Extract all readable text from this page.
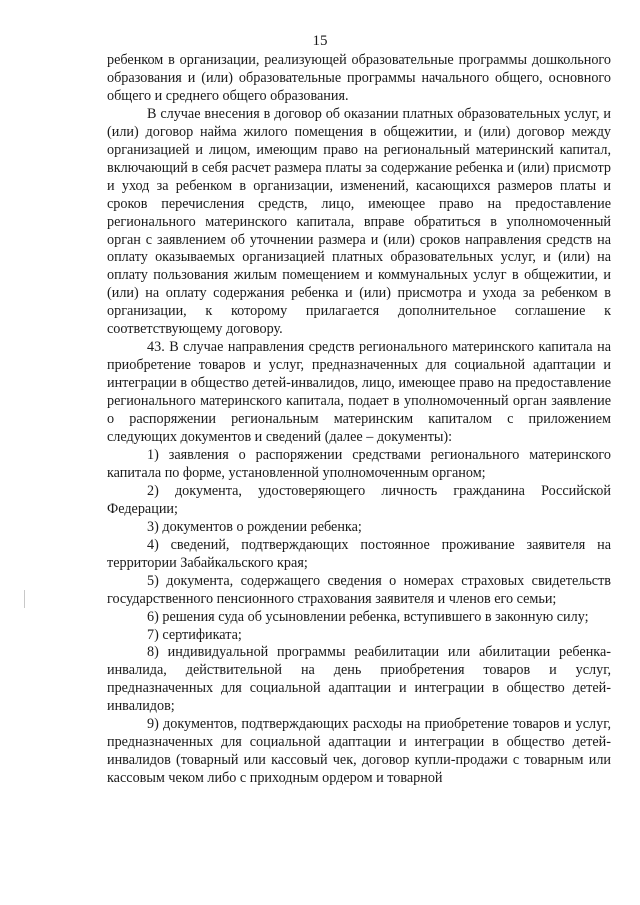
15

ребенком в организации, реализующей образовательные программы дошкольного образования и (или) образовательные программы начального общего, основного общего и среднего общего образования.

В случае внесения в договор об оказании платных образовательных услуг, и (или) договор найма жилого помещения в общежитии, и (или) договор между организацией и лицом, имеющим право на региональный материнский капитал, включающий в себя расчет размера платы за содержание ребенка и (или) присмотр и уход за ребенком в организации, изменений, касающихся размеров платы и сроков перечисления средств, лицо, имеющее право на предоставление регионального материнского капитала, вправе обратиться в уполномоченный орган с заявлением об уточнении размера и (или) сроков направления средств на оплату оказываемых организацией платных образовательных услуг, и (или) на оплату пользования жилым помещением и коммунальных услуг в общежитии, и (или) на оплату содержания ребенка и (или) присмотра и ухода за ребенком в организации, к которому прилагается дополнительное соглашение к соответствующему договору.

43. В случае направления средств регионального материнского капитала на приобретение товаров и услуг, предназначенных для социальной адаптации и интеграции в общество детей-инвалидов, лицо, имеющее право на предоставление регионального материнского капитала, подает в уполномоченный орган заявление о распоряжении региональным материнским капиталом с приложением следующих документов и сведений (далее – документы):

1) заявления о распоряжении средствами регионального материнского капитала по форме, установленной уполномоченным органом;

2) документа, удостоверяющего личность гражданина Российской Федерации;

3) документов о рождении ребенка;

4) сведений, подтверждающих постоянное проживание заявителя на территории Забайкальского края;

5) документа, содержащего сведения о номерах страховых свидетельств государственного пенсионного страхования заявителя и членов его семьи;

6) решения суда об усыновлении ребенка, вступившего в законную силу;

7) сертификата;

8) индивидуальной программы реабилитации или абилитации ребенка-инвалида, действительной на день приобретения товаров и услуг, предназначенных для социальной адаптации и интеграции в общество детей-инвалидов;

9) документов, подтверждающих расходы на приобретение товаров и услуг, предназначенных для социальной адаптации и интеграции в общество детей-инвалидов (товарный или кассовый чек, договор купли-продажи с товарным или кассовым чеком либо с приходным ордером и товарной
